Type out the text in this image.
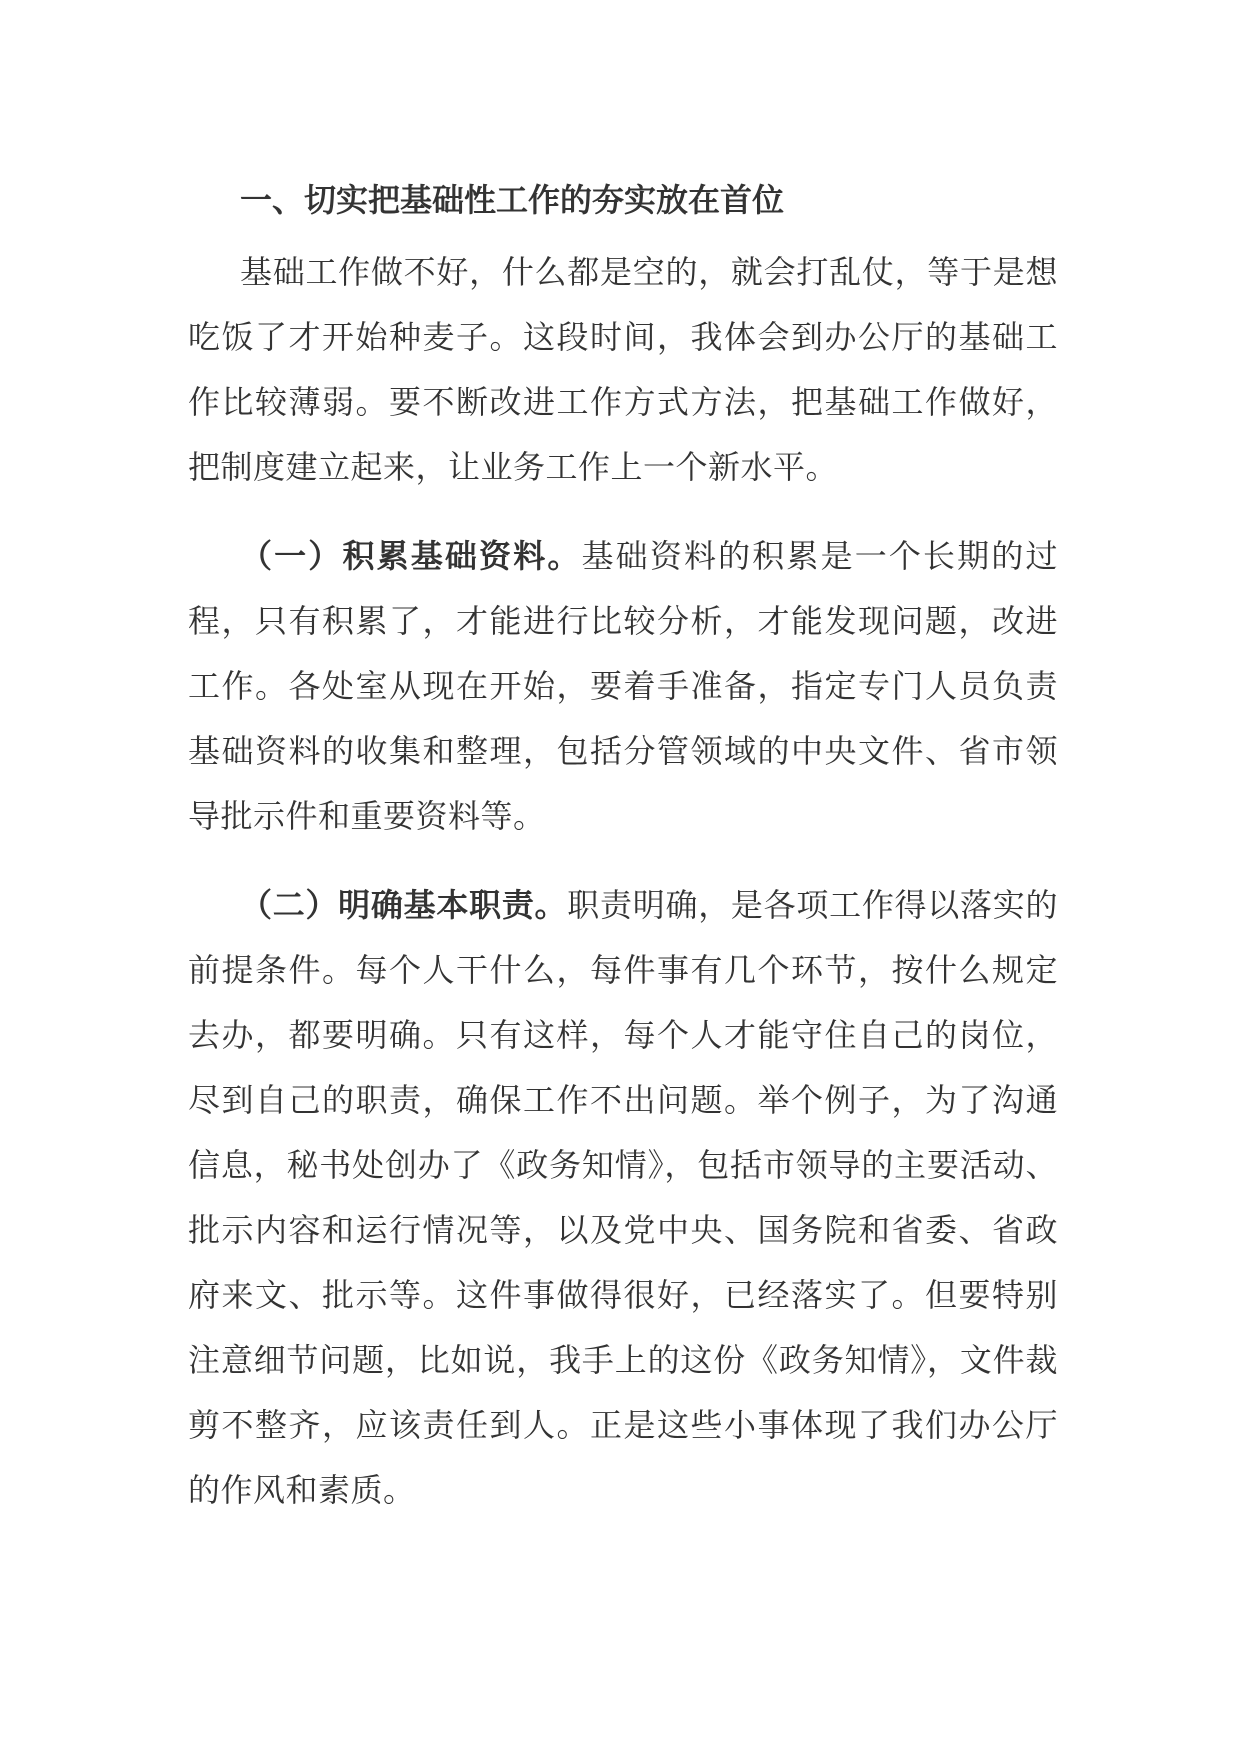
一、切实把基础性工作的夯实放在首位

基础工作做不好，什么都是空的，就会打乱仗，等于是想吃饭了才开始种麦子。这段时间，我体会到办公厅的基础工作比较薄弱。要不断改进工作方式方法，把基础工作做好，把制度建立起来，让业务工作上一个新水平。

（一）积累基础资料。基础资料的积累是一个长期的过程，只有积累了，才能进行比较分析，才能发现问题，改进工作。各处室从现在开始，要着手准备，指定专门人员负责基础资料的收集和整理，包括分管领域的中央文件、省市领导批示件和重要资料等。

（二）明确基本职责。职责明确，是各项工作得以落实的前提条件。每个人干什么，每件事有几个环节，按什么规定去办，都要明确。只有这样，每个人才能守住自己的岗位，尽到自己的职责，确保工作不出问题。举个例子，为了沟通信息，秘书处创办了《政务知情》，包括市领导的主要活动、批示内容和运行情况等，以及党中央、国务院和省委、省政府来文、批示等。这件事做得很好，已经落实了。但要特别注意细节问题，比如说，我手上的这份《政务知情》，文件裁剪不整齐，应该责任到人。正是这些小事体现了我们办公厅的作风和素质。
